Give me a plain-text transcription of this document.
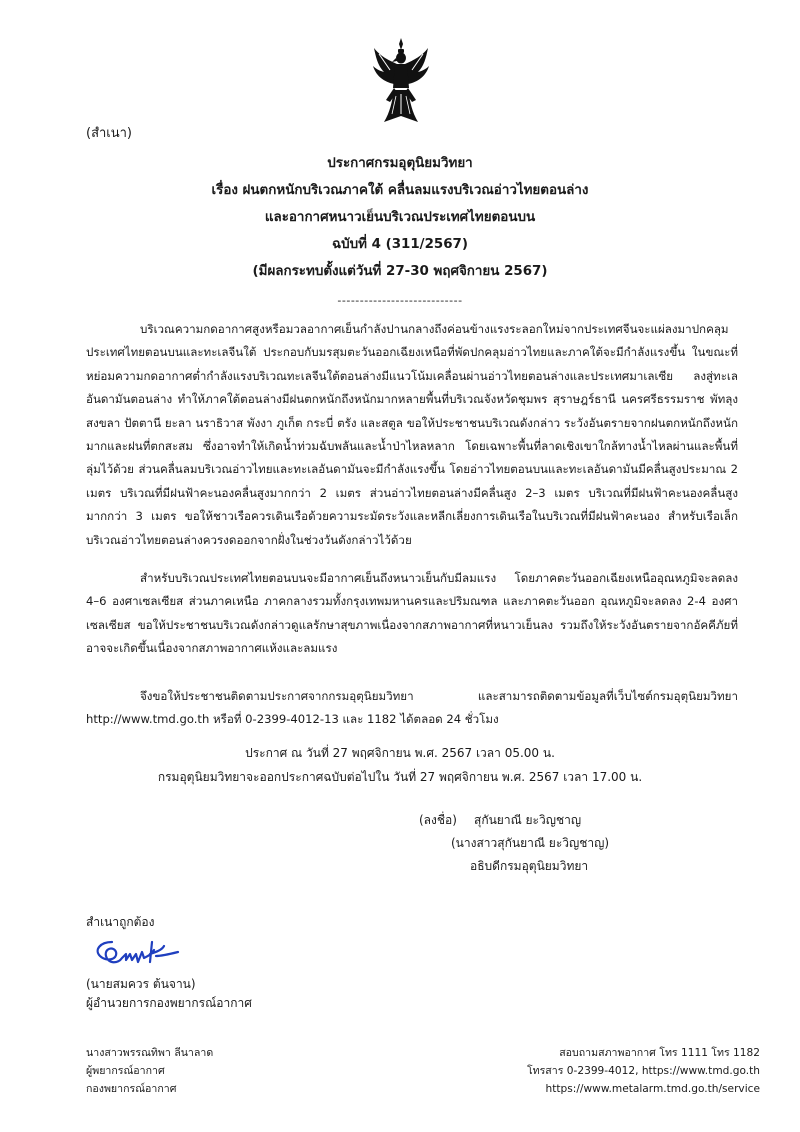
(สำเนา)
ประกาศกรมอุตุนิยมวิทยา
เรื่อง ฝนตกหนักบริเวณภาคใต้ คลื่นลมแรงบริเวณอ่าวไทยตอนล่าง
และอากาศหนาวเย็นบริเวณประเทศไทยตอนบน
ฉบับที่ 4 (311/2567)
(มีผลกระทบตั้งแต่วันที่ 27-30 พฤศจิกายน 2567)
----------------------------
บริเวณความกดอากาศสูงหรือมวลอากาศเย็นกำลังปานกลางถึงค่อนข้างแรงระลอกใหม่จากประเทศจีนจะแผ่ลงมาปกคลุมประเทศไทยตอนบนและทะเลจีนใต้ ประกอบกับมรสุมตะวันออกเฉียงเหนือที่พัดปกคลุมอ่าวไทยและภาคใต้จะมีกำลังแรงขึ้น ในขณะที่หย่อมความกดอากาศต่ำกำลังแรงบริเวณทะเลจีนใต้ตอนล่างมีแนวโน้มเคลื่อนผ่านอ่าวไทยตอนล่างและประเทศมาเลเซีย ลงสู่ทะเลอันดามันตอนล่าง ทำให้ภาคใต้ตอนล่างมีฝนตกหนักถึงหนักมากหลายพื้นที่บริเวณจังหวัดชุมพร สุราษฎร์ธานี นครศรีธรรมราช พัทลุง สงขลา ปัตตานี ยะลา นราธิวาส พังงา ภูเก็ต กระบี่ ตรัง และสตูล ขอให้ประชาชนบริเวณดังกล่าว ระวังอันตรายจากฝนตกหนักถึงหนักมากและฝนที่ตกสะสม ซึ่งอาจทำให้เกิดน้ำท่วมฉับพลันและน้ำป่าไหลหลาก โดยเฉพาะพื้นที่ลาดเชิงเขาใกล้ทางน้ำไหลผ่านและพื้นที่ลุ่มไว้ด้วย ส่วนคลื่นลมบริเวณอ่าวไทยและทะเลอันดามันจะมีกำลังแรงขึ้น โดยอ่าวไทยตอนบนและทะเลอันดามันมีคลื่นสูงประมาณ 2 เมตร บริเวณที่มีฝนฟ้าคะนองคลื่นสูงมากกว่า 2 เมตร ส่วนอ่าวไทยตอนล่างมีคลื่นสูง 2–3 เมตร บริเวณที่มีฝนฟ้าคะนองคลื่นสูงมากกว่า 3 เมตร ขอให้ชาวเรือควรเดินเรือด้วยความระมัดระวังและหลีกเลี่ยงการเดินเรือในบริเวณที่มีฝนฟ้าคะนอง สำหรับเรือเล็กบริเวณอ่าวไทยตอนล่างควรงดออกจากฝั่งในช่วงวันดังกล่าวไว้ด้วย
สำหรับบริเวณประเทศไทยตอนบนจะมีอากาศเย็นถึงหนาวเย็นกับมีลมแรง โดยภาคตะวันออกเฉียงเหนืออุณหภูมิจะลดลง 4–6 องศาเซลเซียส ส่วนภาคเหนือ ภาคกลางรวมทั้งกรุงเทพมหานครและปริมณฑล และภาคตะวันออก อุณหภูมิจะลดลง 2-4 องศาเซลเซียส ขอให้ประชาชนบริเวณดังกล่าวดูแลรักษาสุขภาพเนื่องจากสภาพอากาศที่หนาวเย็นลง รวมถึงให้ระวังอันตรายจากอัคคีภัยที่อาจจะเกิดขึ้นเนื่องจากสภาพอากาศแห้งและลมแรง
จึงขอให้ประชาชนติดตามประกาศจากกรมอุตุนิยมวิทยา และสามารถติดตามข้อมูลที่เว็บไซต์กรมอุตุนิยมวิทยา http://www.tmd.go.th หรือที่ 0-2399-4012-13 และ 1182 ได้ตลอด 24 ชั่วโมง
ประกาศ ณ วันที่ 27 พฤศจิกายน พ.ศ. 2567 เวลา 05.00 น.
กรมอุตุนิยมวิทยาจะออกประกาศฉบับต่อไปใน วันที่ 27 พฤศจิกายน พ.ศ. 2567 เวลา 17.00 น.
(ลงชื่อ) สุกันยาณี ยะวิญชาญ
(นางสาวสุกันยาณี ยะวิญชาญ)
อธิบดีกรมอุตุนิยมวิทยา
สำเนาถูกต้อง
(นายสมควร ต้นจาน)
ผู้อำนวยการกองพยากรณ์อากาศ
นางสาวพรรณทิพา ลีนาลาด
ผู้พยากรณ์อากาศ
กองพยากรณ์อากาศ
สอบถามสภาพอากาศ โทร 1111 โทร 1182
โทรสาร 0-2399-4012, https://www.tmd.go.th
https://www.metalarm.tmd.go.th/service
